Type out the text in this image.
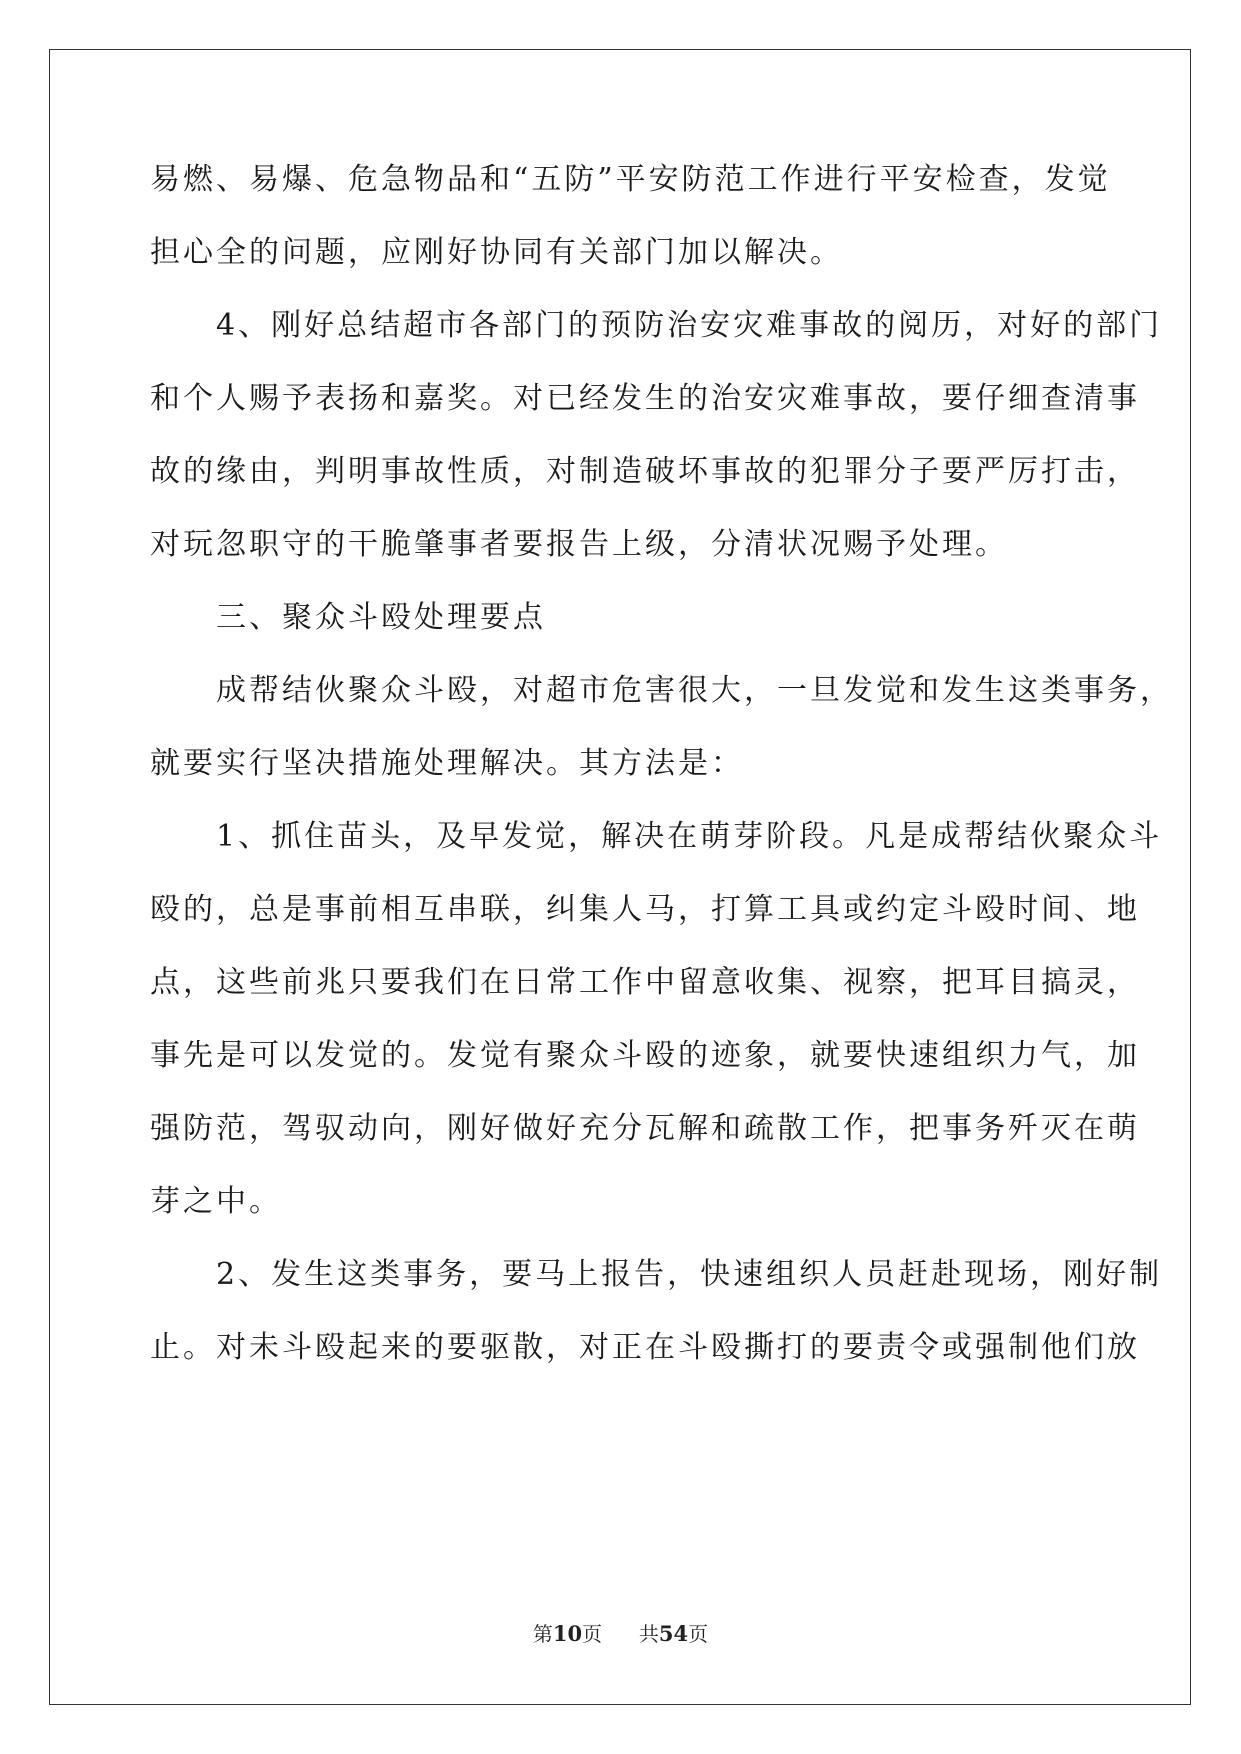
易燃、易爆、危急物品和“五防”平安防范工作进行平安检查，发觉
担心全的问题，应刚好协同有关部门加以解决。
　　4、刚好总结超市各部门的预防治安灾难事故的阅历，对好的部门
和个人赐予表扬和嘉奖。对已经发生的治安灾难事故，要仔细查清事
故的缘由，判明事故性质，对制造破坏事故的犯罪分子要严厉打击，
对玩忽职守的干脆肇事者要报告上级，分清状况赐予处理。
　　三、聚众斗殴处理要点
　　成帮结伙聚众斗殴，对超市危害很大，一旦发觉和发生这类事务，
就要实行坚决措施处理解决。其方法是：
　　1、抓住苗头，及早发觉，解决在萌芽阶段。凡是成帮结伙聚众斗
殴的，总是事前相互串联，纠集人马，打算工具或约定斗殴时间、地
点，这些前兆只要我们在日常工作中留意收集、视察，把耳目搞灵，
事先是可以发觉的。发觉有聚众斗殴的迹象，就要快速组织力气，加
强防范，驾驭动向，刚好做好充分瓦解和疏散工作，把事务歼灭在萌
芽之中。
　　2、发生这类事务，要马上报告，快速组织人员赶赴现场，刚好制
止。对未斗殴起来的要驱散，对正在斗殴撕打的要责令或强制他们放
第10页 共54页
